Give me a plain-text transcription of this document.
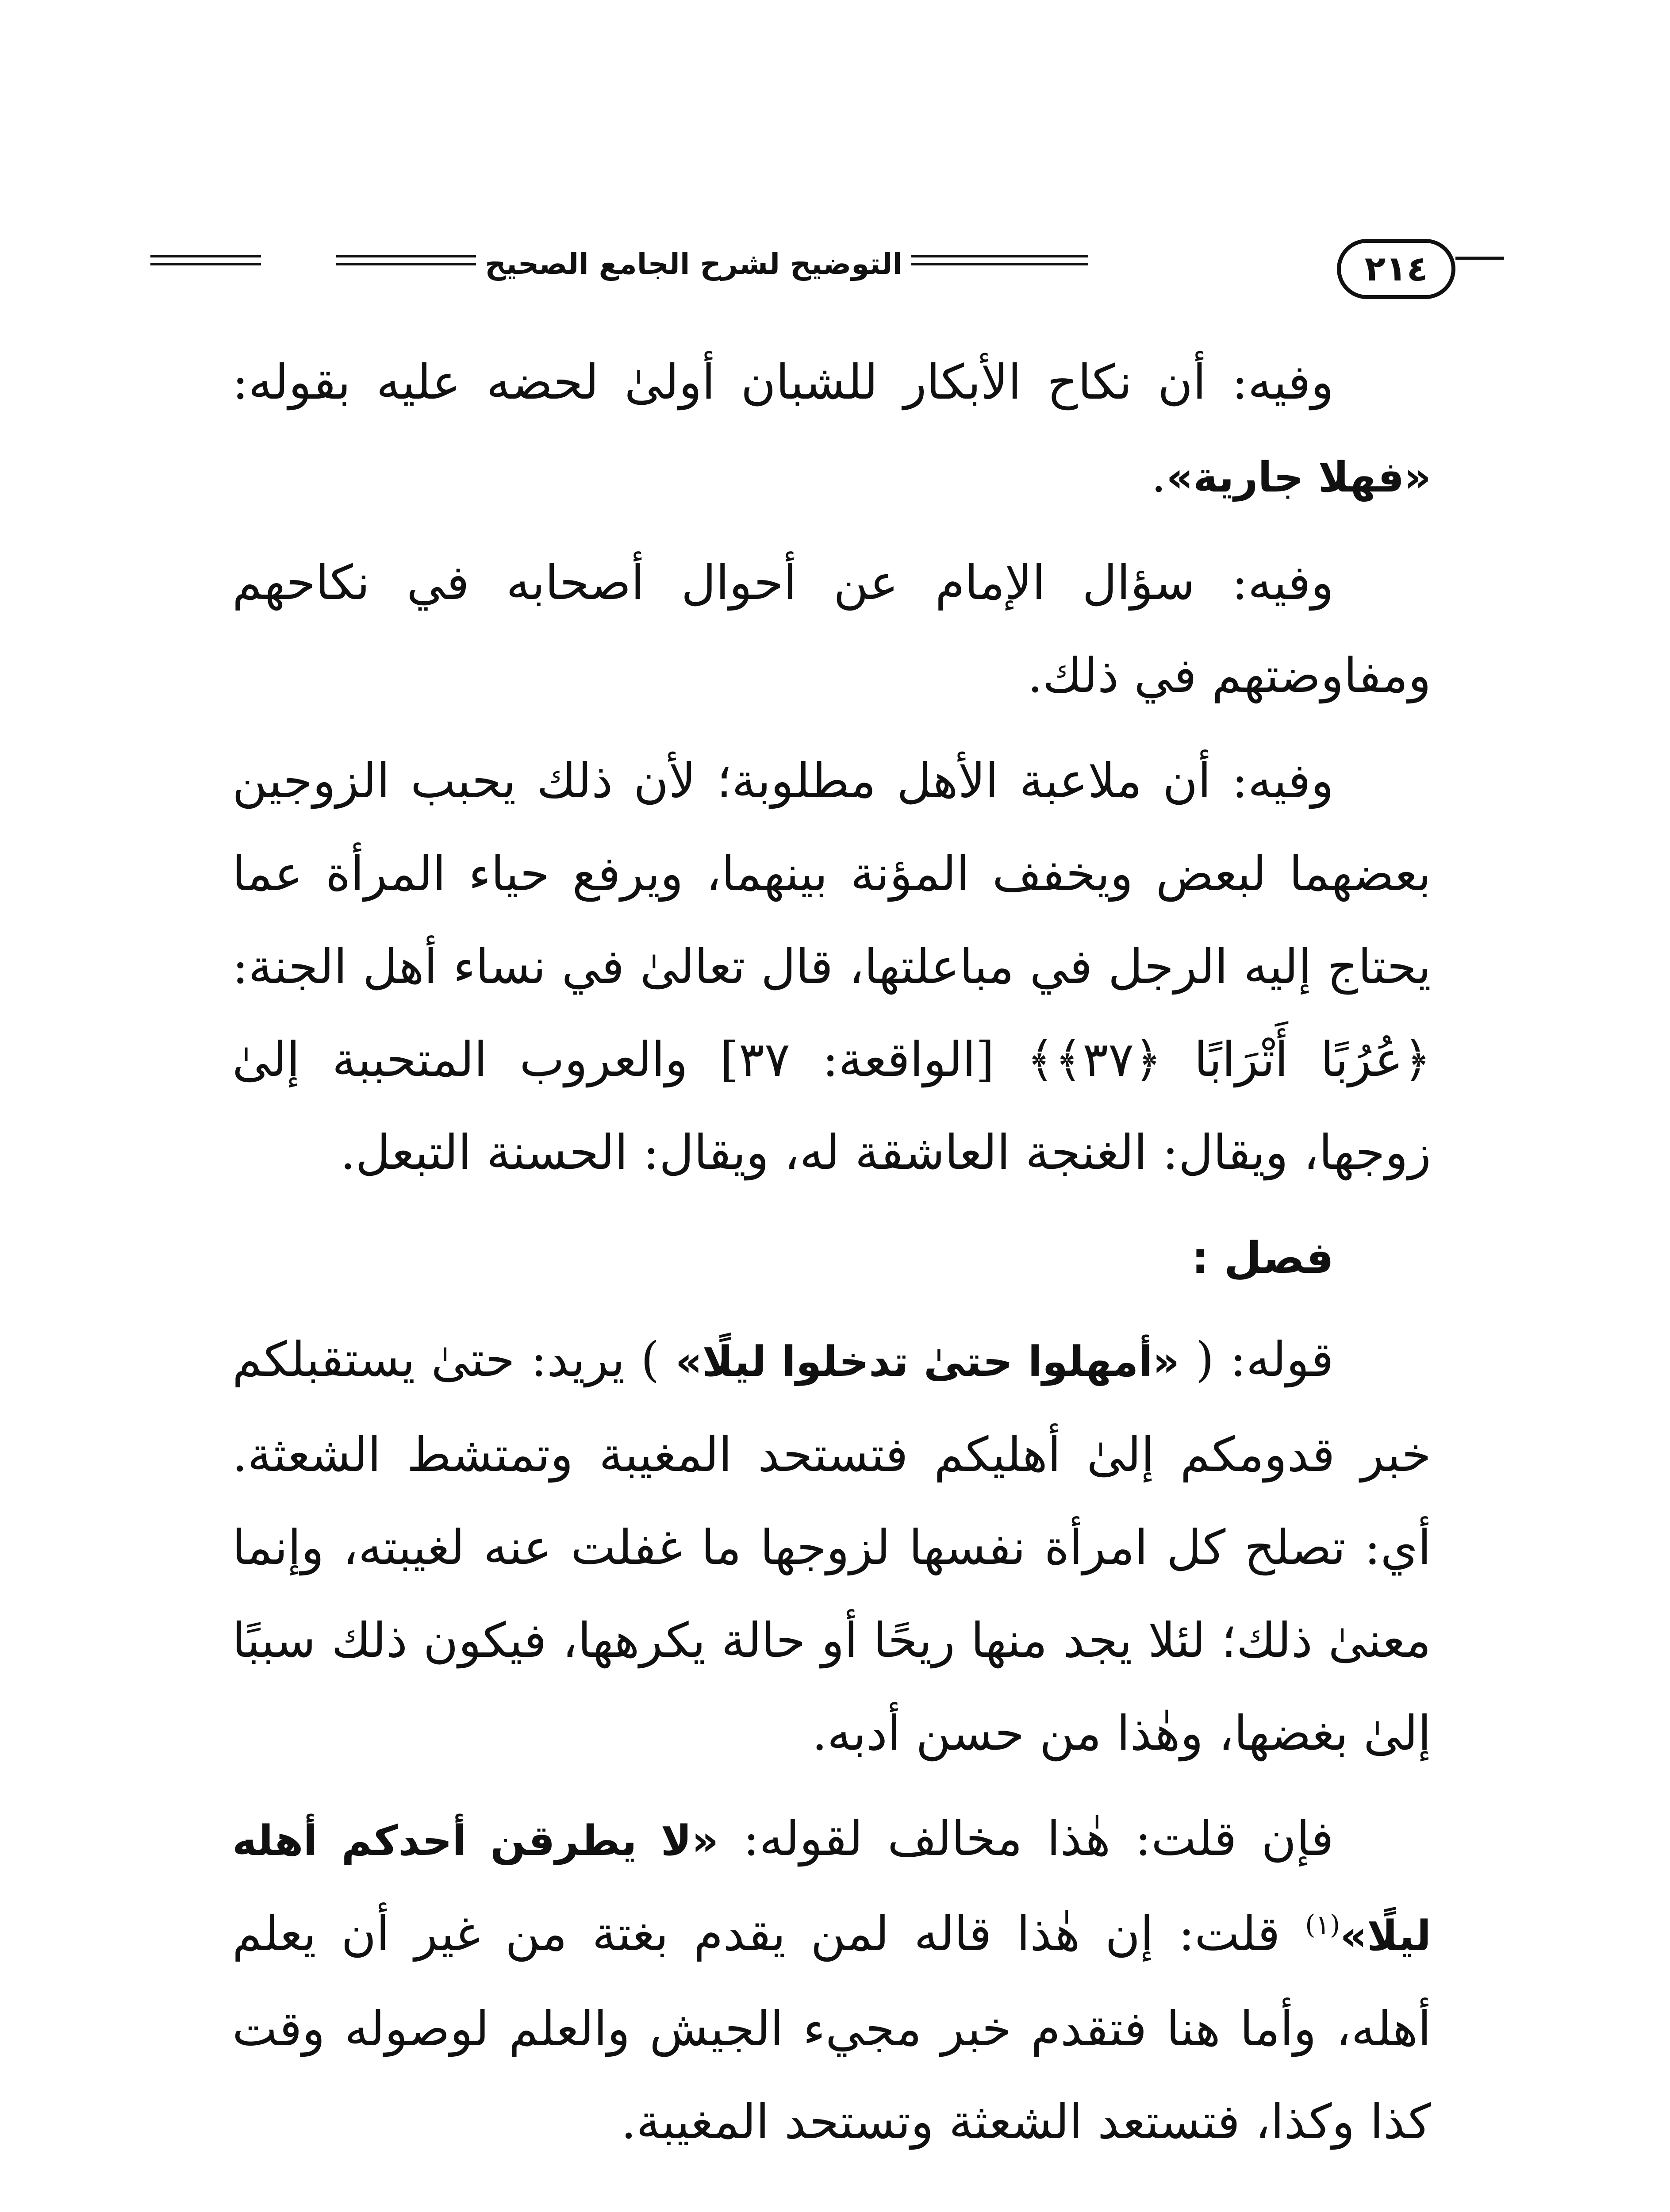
التوضيح لشرح الجامع الصحيح	٢١٤

وفيه: أن نكاح الأبكار للشبان أولىٰ لحضه عليه بقوله: «فهلا جارية».

وفيه: سؤال الإمام عن أحوال أصحابه في نكاحهم ومفاوضتهم في ذلك.

وفيه: أن ملاعبة الأهل مطلوبة؛ لأن ذلك يحبب الزوجين بعضهما لبعض ويخفف المؤنة بينهما، ويرفع حياء المرأة عما يحتاج إليه الرجل في مباعلتها، قال تعالىٰ في نساء أهل الجنة: ﴿عُرُبًا أَتْرَابًا ﴿٣٧﴾﴾ [الواقعة: ٣٧] والعروب المتحببة إلىٰ زوجها، ويقال: الغنجة العاشقة له، ويقال: الحسنة التبعل.

فصل :

قوله: ( «أمهلوا حتىٰ تدخلوا ليلًا» ) يريد: حتىٰ يستقبلكم خبر قدومكم إلىٰ أهليكم فتستحد المغيبة وتمتشط الشعثة. أي: تصلح كل امرأة نفسها لزوجها ما غفلت عنه لغيبته، وإنما معنىٰ ذلك؛ لئلا يجد منها ريحًا أو حالة يكرهها، فيكون ذلك سببًا إلىٰ بغضها، وهٰذا من حسن أدبه.

فإن قلت: هٰذا مخالف لقوله: «لا يطرقن أحدكم أهله ليلًا»$^{(١)}$ قلت: إن هٰذا قاله لمن يقدم بغتة من غير أن يعلم أهله، وأما هنا فتقدم خبر مجيء الجيش والعلم لوصوله وقت كذا وكذا، فتستعد الشعثة وتستحد المغيبة.
